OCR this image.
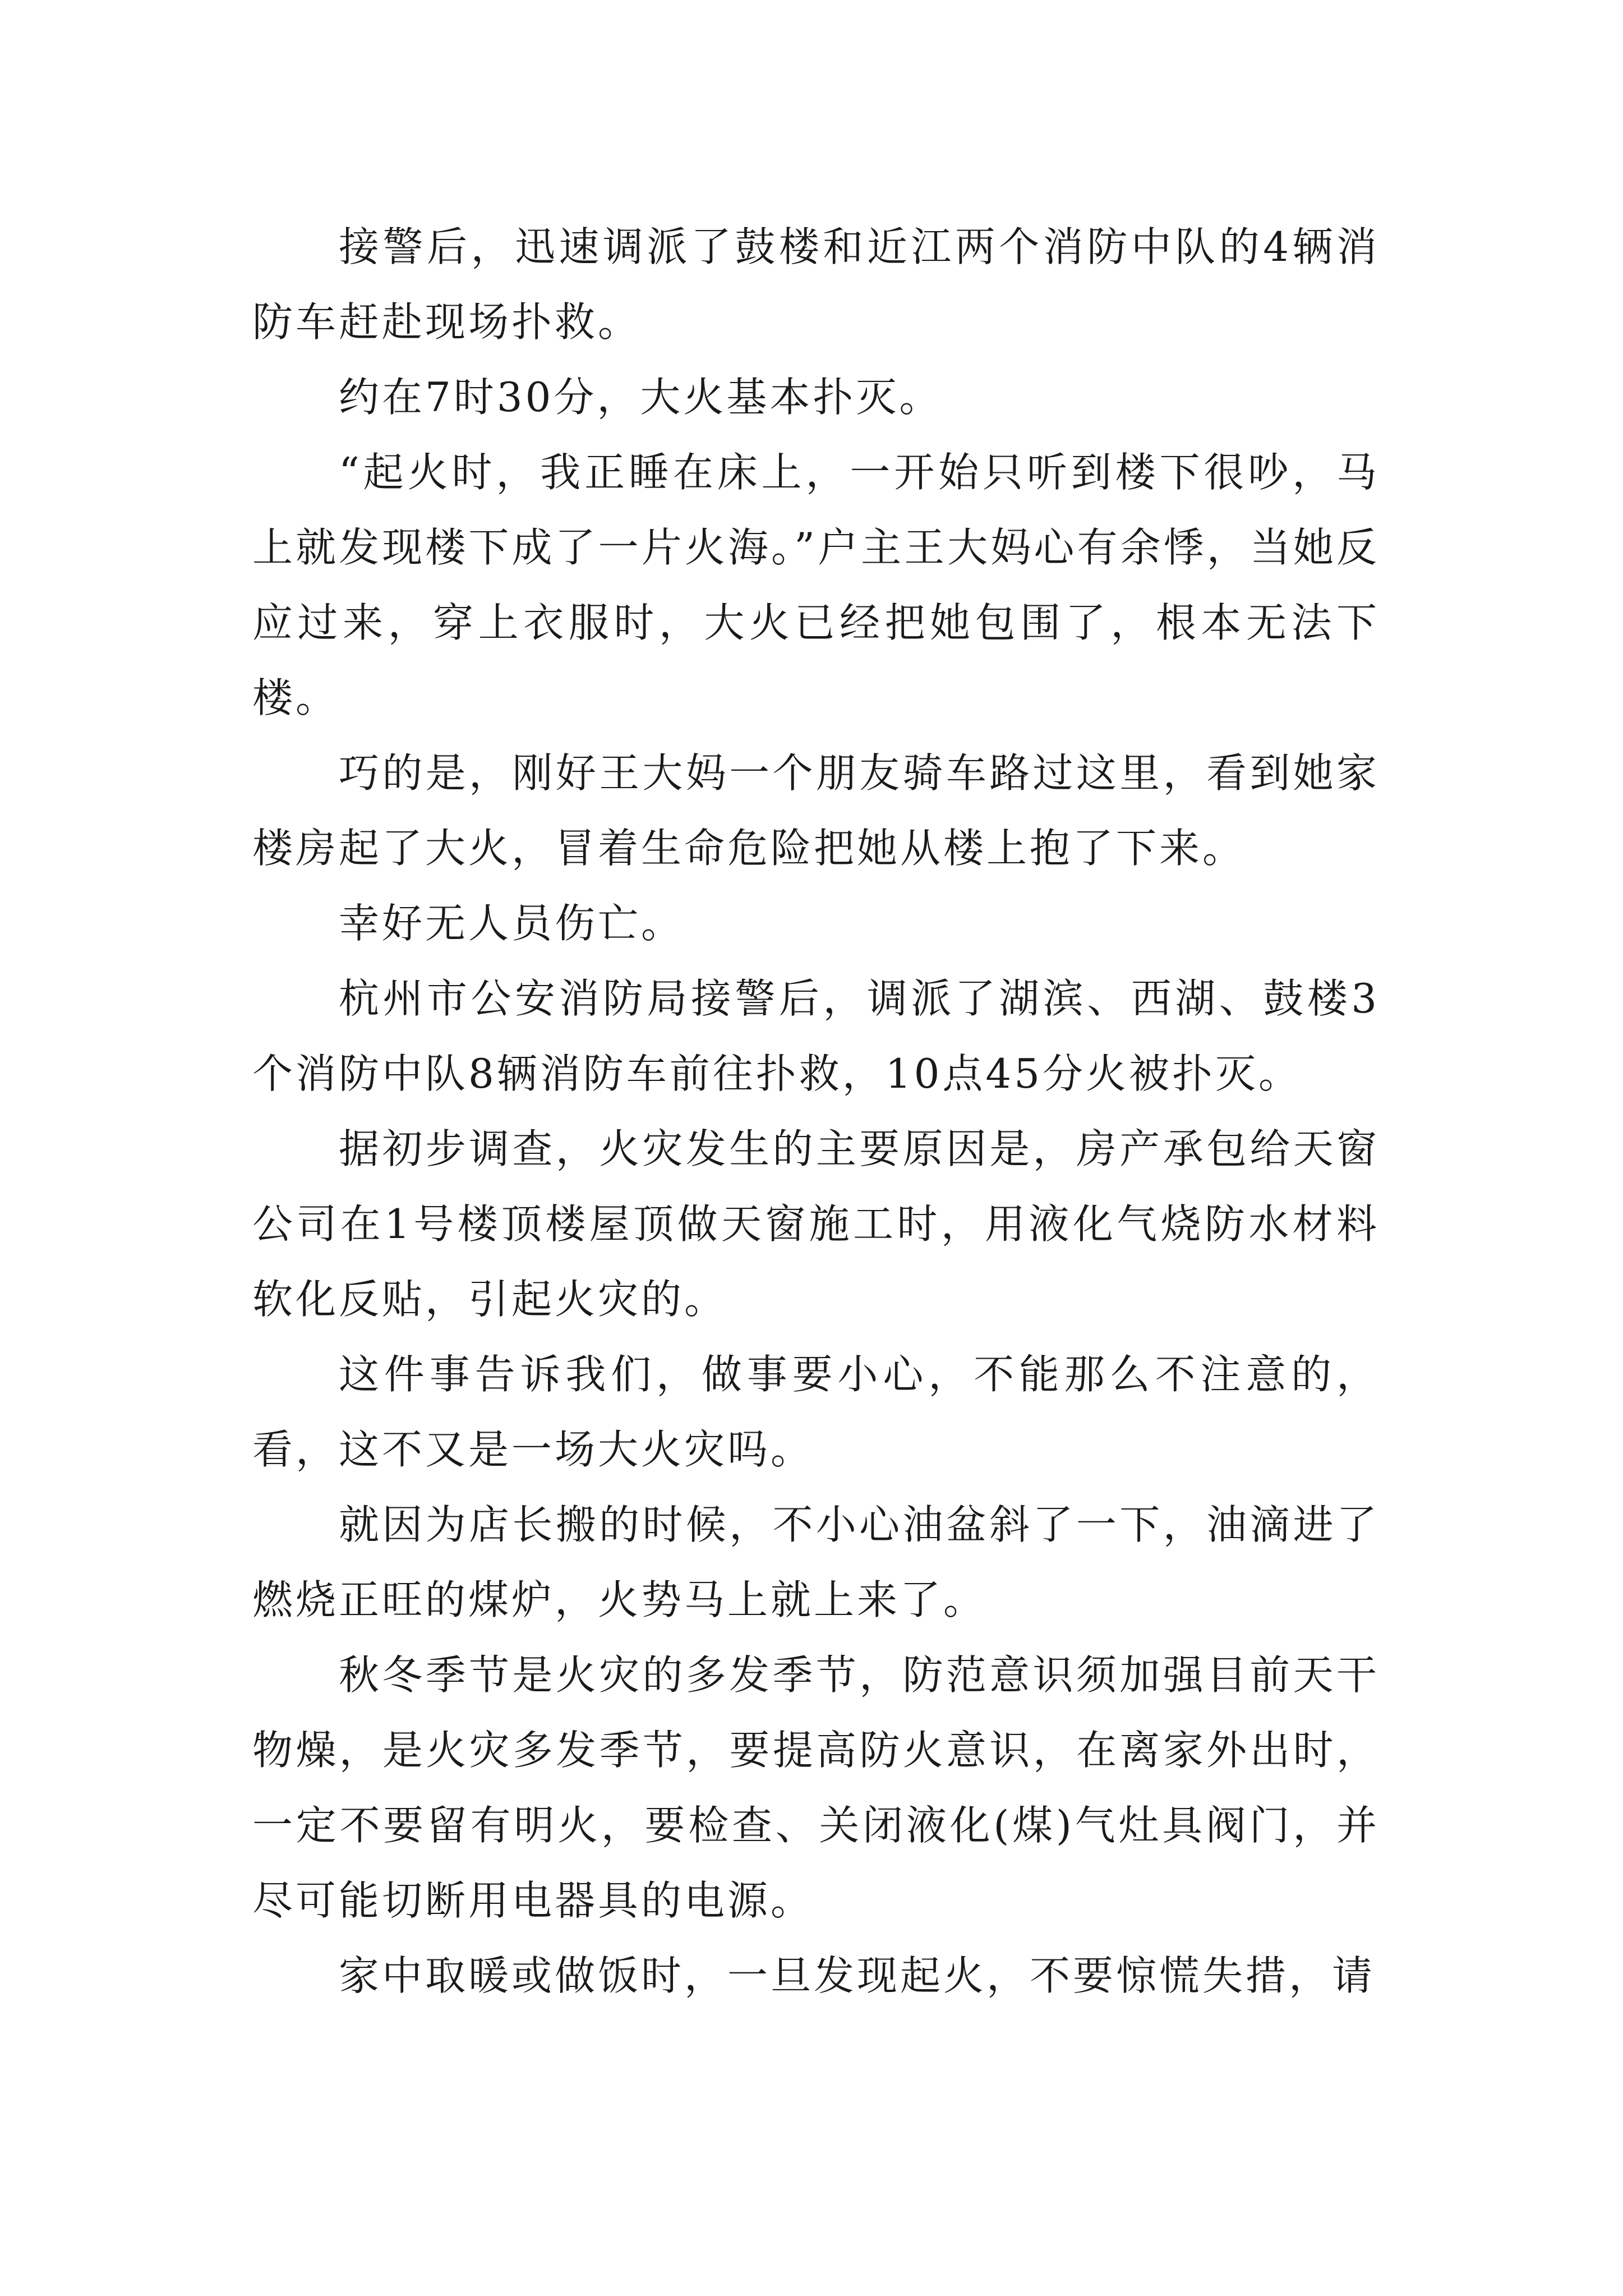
接警后，迅速调派了鼓楼和近江两个消防中队的4辆消防车赶赴现场扑救。

约在7时30分，大火基本扑灭。

“起火时，我正睡在床上，一开始只听到楼下很吵，马上就发现楼下成了一片火海。”户主王大妈心有余悸，当她反应过来，穿上衣服时，大火已经把她包围了，根本无法下楼。

巧的是，刚好王大妈一个朋友骑车路过这里，看到她家楼房起了大火，冒着生命危险把她从楼上抱了下来。

幸好无人员伤亡。

杭州市公安消防局接警后，调派了湖滨、西湖、鼓楼3个消防中队8辆消防车前往扑救，10点45分火被扑灭。

据初步调查，火灾发生的主要原因是，房产承包给天窗公司在1号楼顶楼屋顶做天窗施工时，用液化气烧防水材料软化反贴，引起火灾的。

这件事告诉我们，做事要小心，不能那么不注意的，看，这不又是一场大火灾吗。

就因为店长搬的时候，不小心油盆斜了一下，油滴进了燃烧正旺的煤炉，火势马上就上来了。

秋冬季节是火灾的多发季节，防范意识须加强目前天干物燥，是火灾多发季节，要提高防火意识，在离家外出时，一定不要留有明火，要检查、关闭液化(煤)气灶具阀门，并尽可能切断用电器具的电源。

家中取暖或做饭时，一旦发现起火，不要惊慌失措，请
